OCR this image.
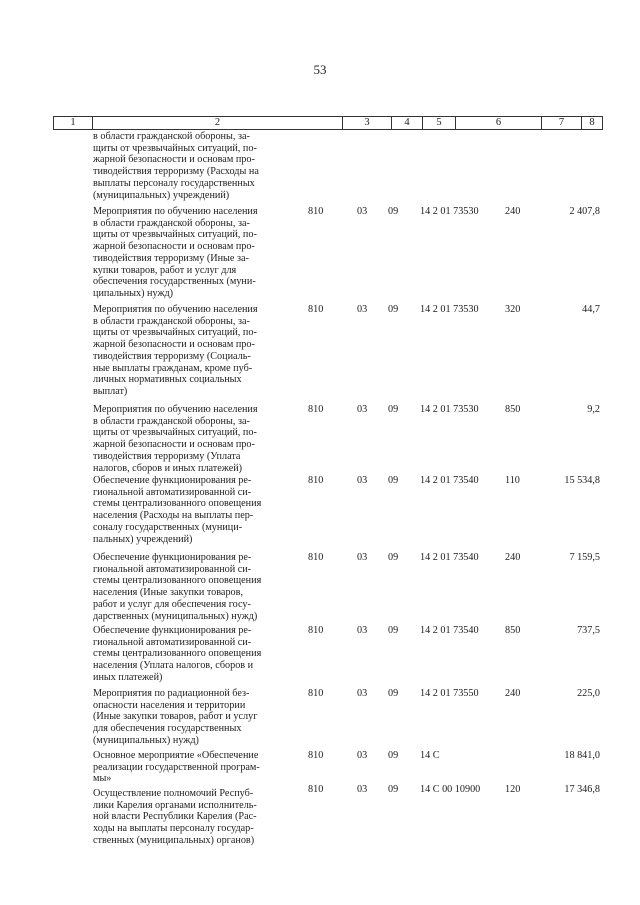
53
1	2	3	4	5	6	7	8
в области гражданской обороны, за-
щиты от чрезвычайных ситуаций, по-
жарной безопасности и основам про-
тиводействия терроризму (Расходы на
выплаты персоналу государственных
(муниципальных) учреждений)
Мероприятия по обучению населения
в области гражданской обороны, за-
щиты от чрезвычайных ситуаций, по-
жарной безопасности и основам про-
тиводействия терроризму (Иные за-
купки товаров, работ и услуг для
обеспечения государственных (муни-
ципальных) нужд)
810	03 09 14 2 01 73530	240	2 407,8
Мероприятия по обучению населения
в области гражданской обороны, за-
щиты от чрезвычайных ситуаций, по-
жарной безопасности и основам про-
тиводействия терроризму (Социаль-
ные выплаты гражданам, кроме пуб-
личных нормативных социальных
выплат)
810	03 09 14 2 01 73530	320	44,7
Мероприятия по обучению населения
в области гражданской обороны, за-
щиты от чрезвычайных ситуаций, по-
жарной безопасности и основам про-
тиводействия терроризму (Уплата
налогов, сборов и иных платежей)
810	03 09 14 2 01 73530	850	9,2
Обеспечение функционирования ре-
гиональной автоматизированной си-
стемы централизованного оповещения
населения (Расходы на выплаты пер-
соналу государственных (муници-
пальных) учреждений)
810	03 09 14 2 01 73540	110	15 534,8
Обеспечение функционирования ре-
гиональной автоматизированной си-
стемы централизованного оповещения
населения (Иные закупки товаров,
работ и услуг для обеспечения госу-
дарственных (муниципальных) нужд)
810	03 09 14 2 01 73540	240	7 159,5
Обеспечение функционирования ре-
гиональной автоматизированной си-
стемы централизованного оповещения
населения (Уплата налогов, сборов и
иных платежей)
810	03 09 14 2 01 73540	850	737,5
Мероприятия по радиационной без-
опасности населения и территории
(Иные закупки товаров, работ и услуг
для обеспечения государственных
(муниципальных) нужд)
810	03 09 14 2 01 73550	240	225,0
Основное мероприятие «Обеспечение
реализации государственной програм-
мы»
810	03 09 14 С	18 841,0
Осуществление полномочий Респуб-
лики Карелия органами исполнитель-
ной власти Республики Карелия (Рас-
ходы на выплаты персоналу государ-
ственных (муниципальных) органов)
810	03 09 14 С 00 10900 120	17 346,8
